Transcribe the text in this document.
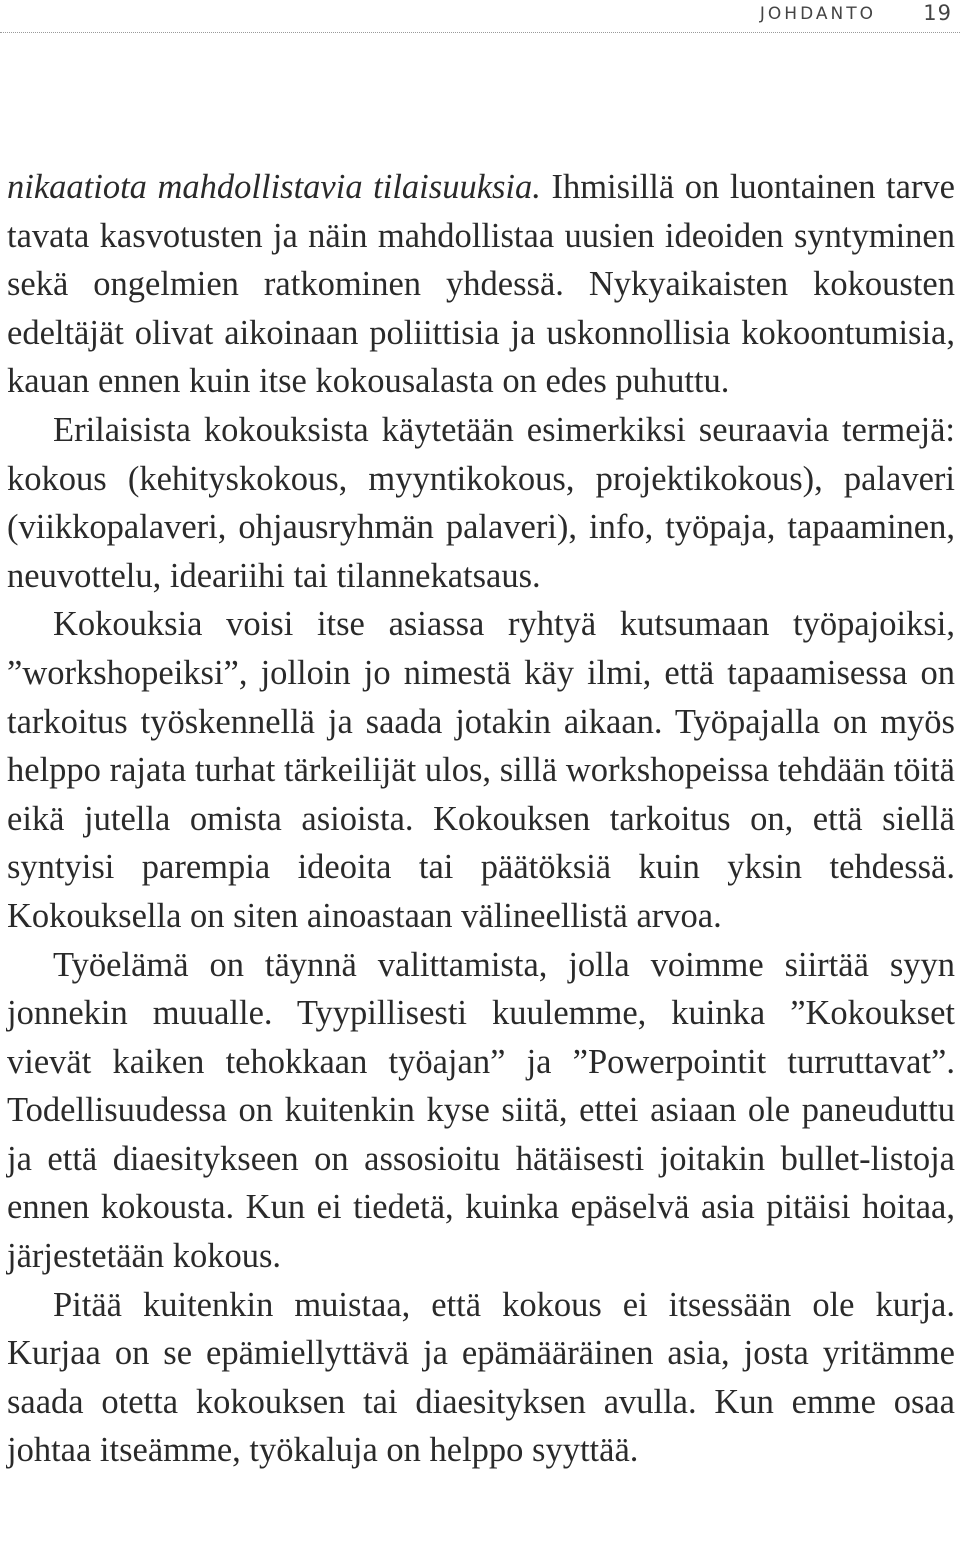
JOHDANTO 19

nikaatiota mahdollistavia tilaisuuksia. Ihmisillä on luontainen tarve tavata kasvotusten ja näin mahdollistaa uusien ideoiden syntyminen sekä ongelmien ratkominen yhdessä. Nykyaikaisten kokousten edeltäjät olivat aikoinaan poliittisia ja uskonnollisia kokoontumisia, kauan ennen kuin itse kokousalasta on edes puhuttu.

Erilaisista kokouksista käytetään esimerkiksi seuraavia termejä: kokous (kehityskokous, myyntikokous, projektikokous), palaveri (viikkopalaveri, ohjausryhmän palaveri), info, työpaja, tapaaminen, neuvottelu, ideariihi tai tilannekatsaus.

Kokouksia voisi itse asiassa ryhtyä kutsumaan työpajoiksi, ”workshopeiksi”, jolloin jo nimestä käy ilmi, että tapaamisessa on tarkoitus työskennellä ja saada jotakin aikaan. Työpajalla on myös helppo rajata turhat tärkeilijät ulos, sillä workshopeissa tehdään töitä eikä jutella omista asioista. Kokouksen tarkoitus on, että siellä syntyisi parempia ideoita tai päätöksiä kuin yksin tehdessä. Kokouksella on siten ainoastaan välineellistä arvoa.

Työelämä on täynnä valittamista, jolla voimme siirtää syyn jonnekin muualle. Tyypillisesti kuulemme, kuinka ”Kokoukset vievät kaiken tehokkaan työajan” ja ”Powerpointit turruttavat”. Todellisuudessa on kuitenkin kyse siitä, ettei asiaan ole paneuduttu ja että diaesitykseen on assosioitu hätäisesti joitakin bullet-listoja ennen kokousta. Kun ei tiedetä, kuinka epäselvä asia pitäisi hoitaa, järjestetään kokous.

Pitää kuitenkin muistaa, että kokous ei itsessään ole kurja. Kurjaa on se epämiellyttävä ja epämääräinen asia, josta yritämme saada otetta kokouksen tai diaesityksen avulla. Kun emme osaa johtaa itseämme, työkaluja on helppo syyttää.
